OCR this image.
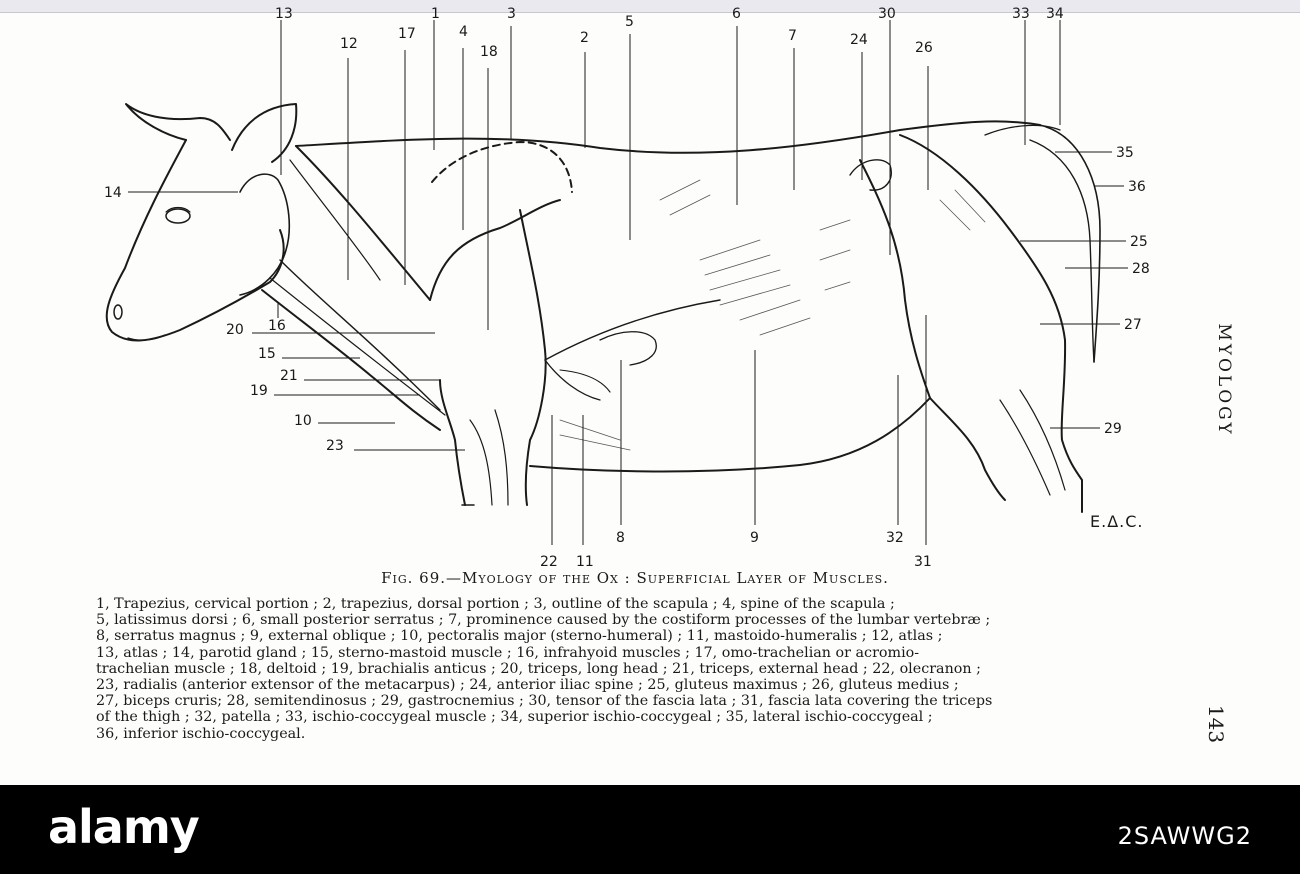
13
12
17
1
4
18
3
2
5	6
7	24
30
26
33 34
14
20 16
15
21
19
10
23
35
36
25
28
27
29
22 11
8	9	32
31
E.Δ.C.
Fig. 69.—Myology of the Ox : Superficial Layer of Muscles.
1, Trapezius, cervical portion ; 2, trapezius, dorsal portion ; 3, outline of the scapula ; 4, spine of the scapula ;
5, latissimus dorsi ; 6, small posterior serratus ; 7, prominence caused by the costiform processes of the lumbar vertebræ ;
8, serratus magnus ; 9, external oblique ; 10, pectoralis major (sterno-humeral) ; 11, mastoido-humeralis ; 12, atlas ;
13, atlas ; 14, parotid gland ; 15, sterno-mastoid muscle ; 16, infrahyoid muscles ; 17, omo-trachelian or acromio-
trachelian muscle ; 18, deltoid ; 19, brachialis anticus ; 20, triceps, long head ; 21, triceps, external head ; 22, olecranon ;
23, radialis (anterior extensor of the metacarpus) ; 24, anterior iliac spine ; 25, gluteus maximus ; 26, gluteus medius ;
27, biceps cruris; 28, semitendinosus ; 29, gastrocnemius ; 30, tensor of the fascia lata ; 31, fascia lata covering the triceps
of the thigh ; 32, patella ; 33, ischio-coccygeal muscle ; 34, superior ischio-coccygeal ; 35, lateral ischio-coccygeal ;
36, inferior ischio-coccygeal.
MYOLOGY
143
alamy	2SAWWG2
